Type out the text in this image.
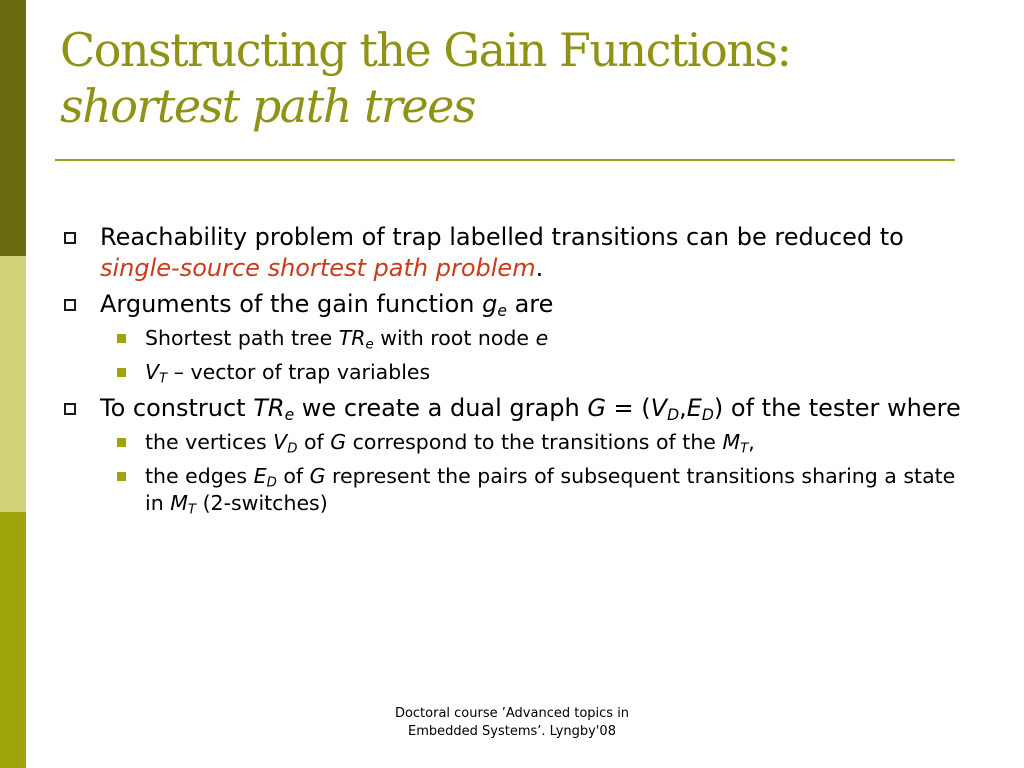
Constructing the Gain Functions: shortest path trees
Reachability problem of trap labelled transitions can be reduced to single-source shortest path problem.
Arguments of the gain function $g_e$ are
Shortest path tree $TR_e$ with root node e
$V_T$ – vector of trap variables
To construct $TR_e$ we create a dual graph $G = (V_D,E_D)$ of the tester where
the vertices $V_D$ of G correspond to the transitions of the $M_T$,
the edges $E_D$ of G represent the pairs of subsequent transitions sharing a state in $M_T$ (2-switches)
Doctoral course ’Advanced topics in
Embedded Systems’. Lyngby'08
